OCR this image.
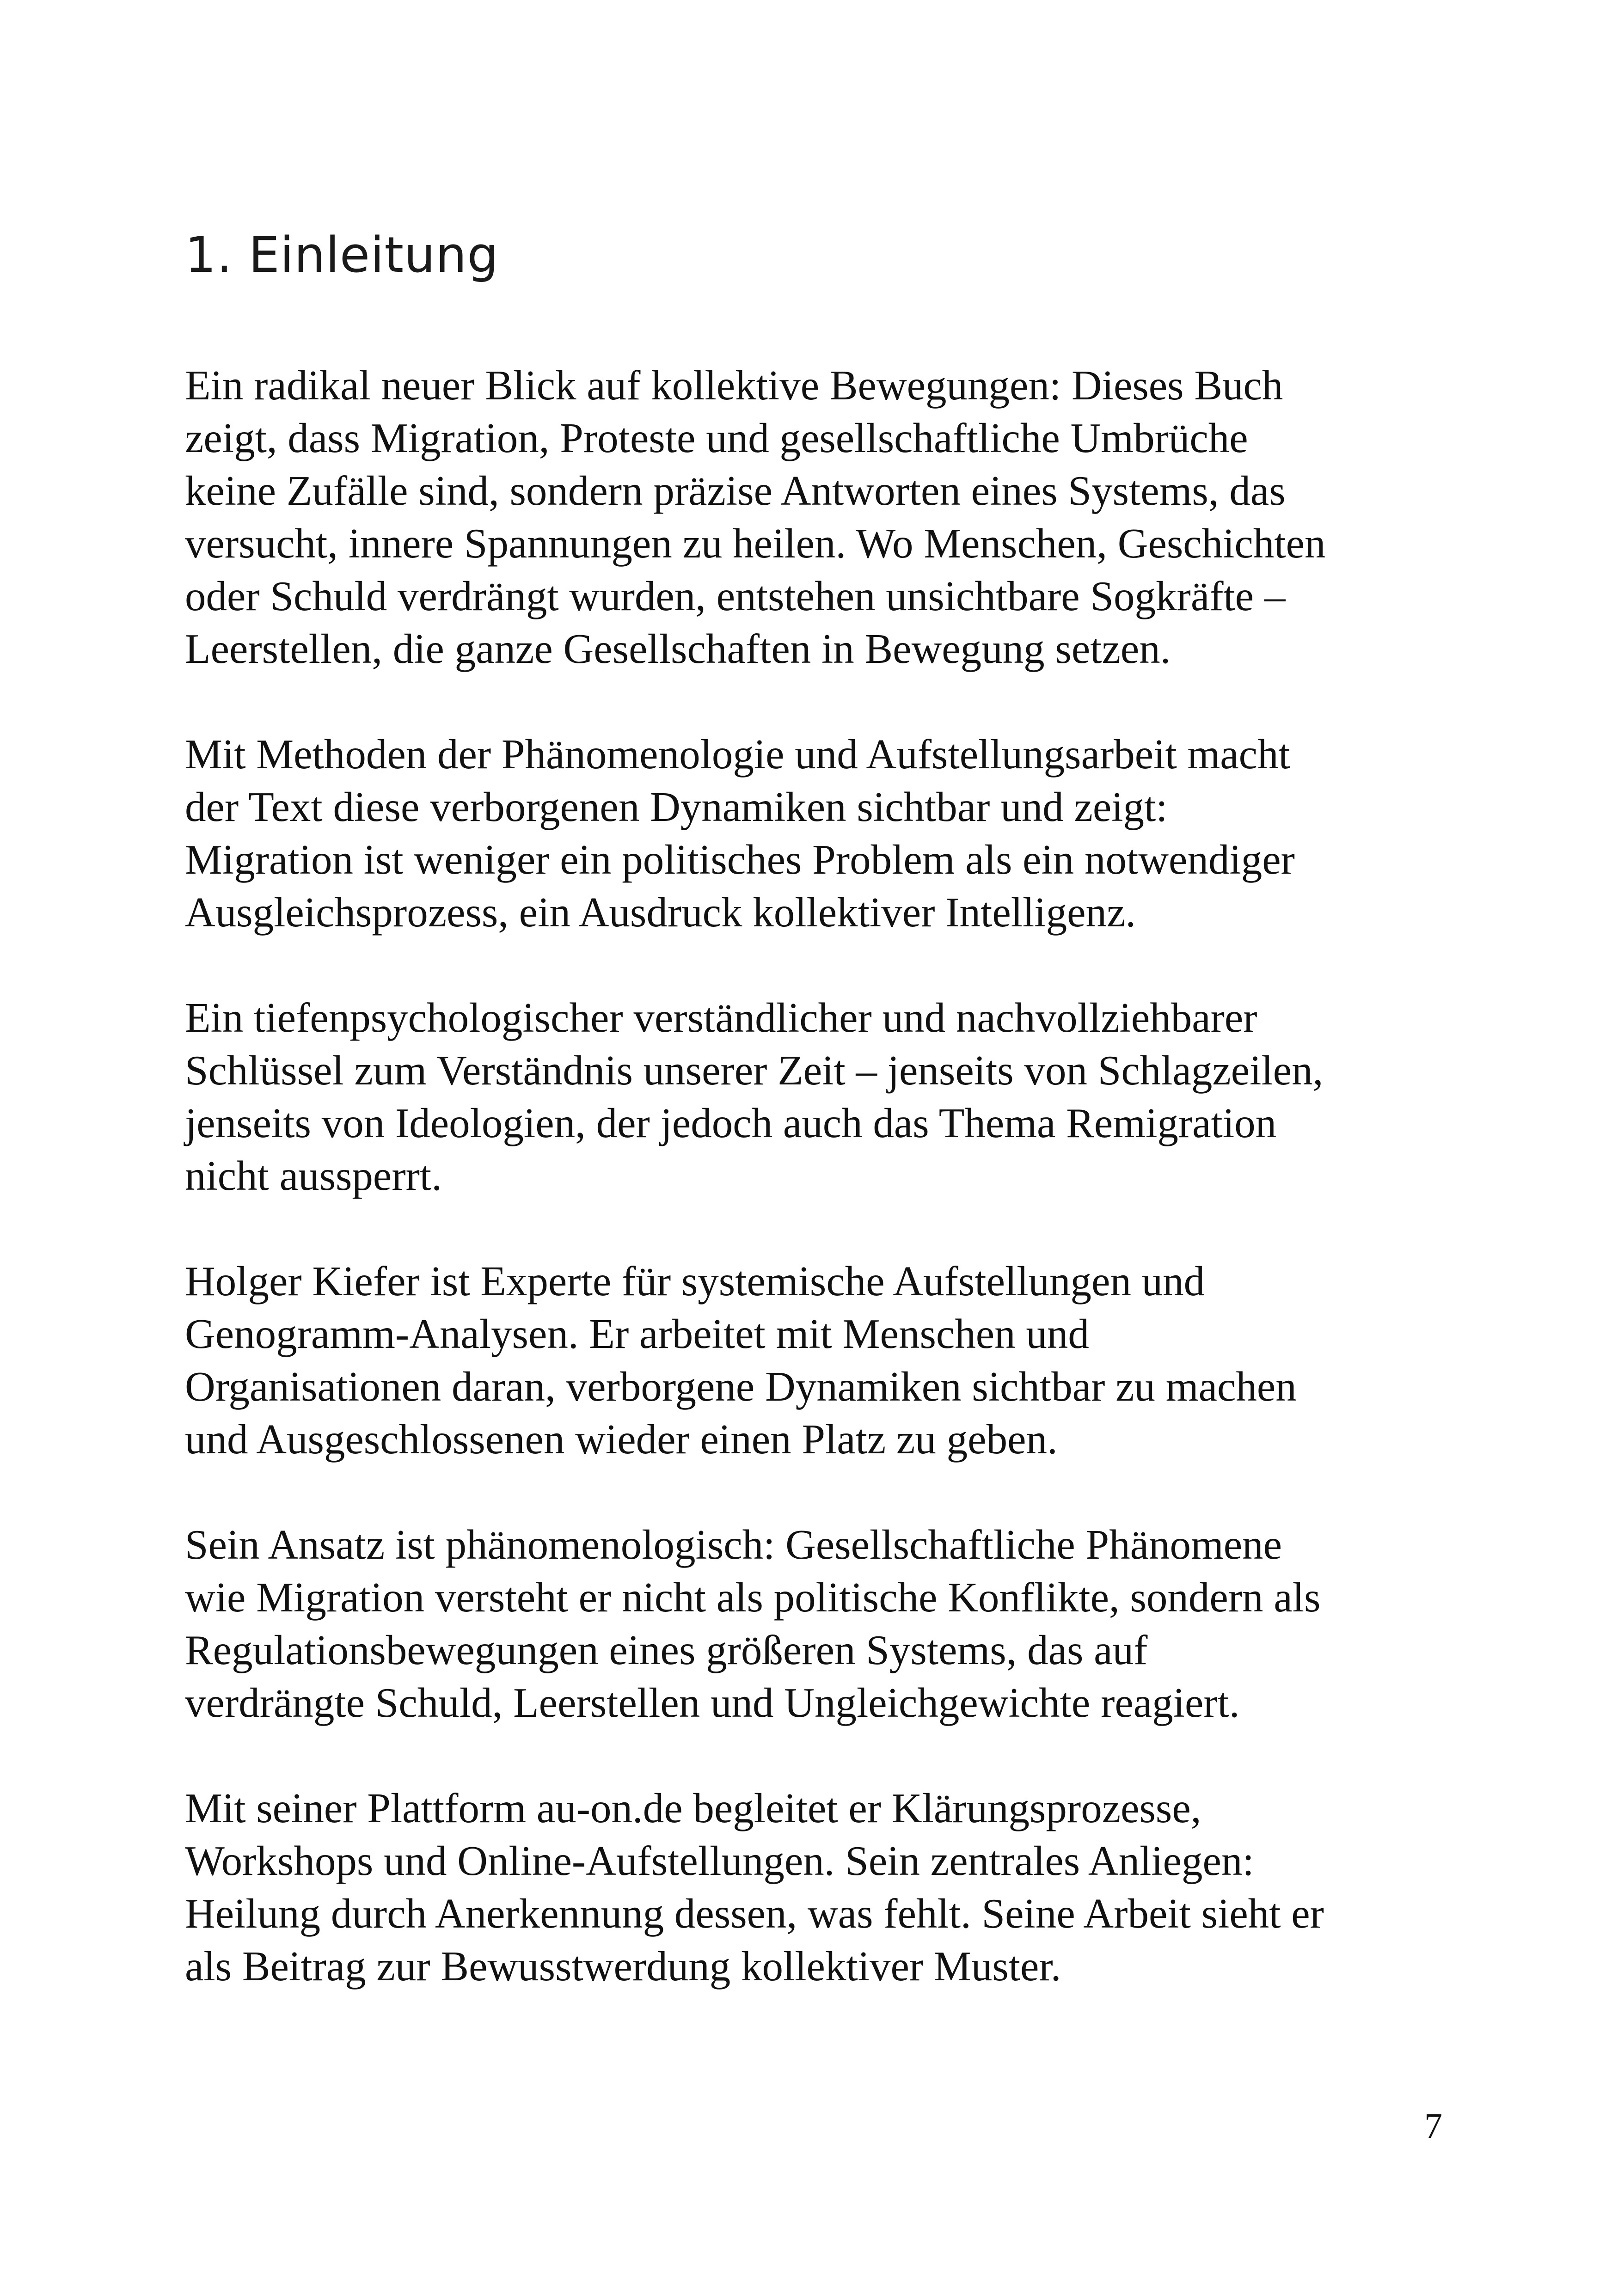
1. Einleitung

Ein radikal neuer Blick auf kollektive Bewegungen: Dieses Buch
zeigt, dass Migration, Proteste und gesellschaftliche Umbrüche
keine Zufälle sind, sondern präzise Antworten eines Systems, das
versucht, innere Spannungen zu heilen. Wo Menschen, Geschichten
oder Schuld verdrängt wurden, entstehen unsichtbare Sogkräfte –
Leerstellen, die ganze Gesellschaften in Bewegung setzen.

Mit Methoden der Phänomenologie und Aufstellungsarbeit macht
der Text diese verborgenen Dynamiken sichtbar und zeigt:
Migration ist weniger ein politisches Problem als ein notwendiger
Ausgleichsprozess, ein Ausdruck kollektiver Intelligenz.

Ein tiefenpsychologischer verständlicher und nachvollziehbarer
Schlüssel zum Verständnis unserer Zeit – jenseits von Schlagzeilen,
jenseits von Ideologien, der jedoch auch das Thema Remigration
nicht aussperrt.

Holger Kiefer ist Experte für systemische Aufstellungen und
Genogramm-Analysen. Er arbeitet mit Menschen und
Organisationen daran, verborgene Dynamiken sichtbar zu machen
und Ausgeschlossenen wieder einen Platz zu geben.

Sein Ansatz ist phänomenologisch: Gesellschaftliche Phänomene
wie Migration versteht er nicht als politische Konflikte, sondern als
Regulationsbewegungen eines größeren Systems, das auf
verdrängte Schuld, Leerstellen und Ungleichgewichte reagiert.

Mit seiner Plattform au-on.de begleitet er Klärungsprozesse,
Workshops und Online-Aufstellungen. Sein zentrales Anliegen:
Heilung durch Anerkennung dessen, was fehlt. Seine Arbeit sieht er
als Beitrag zur Bewusstwerdung kollektiver Muster.

7
